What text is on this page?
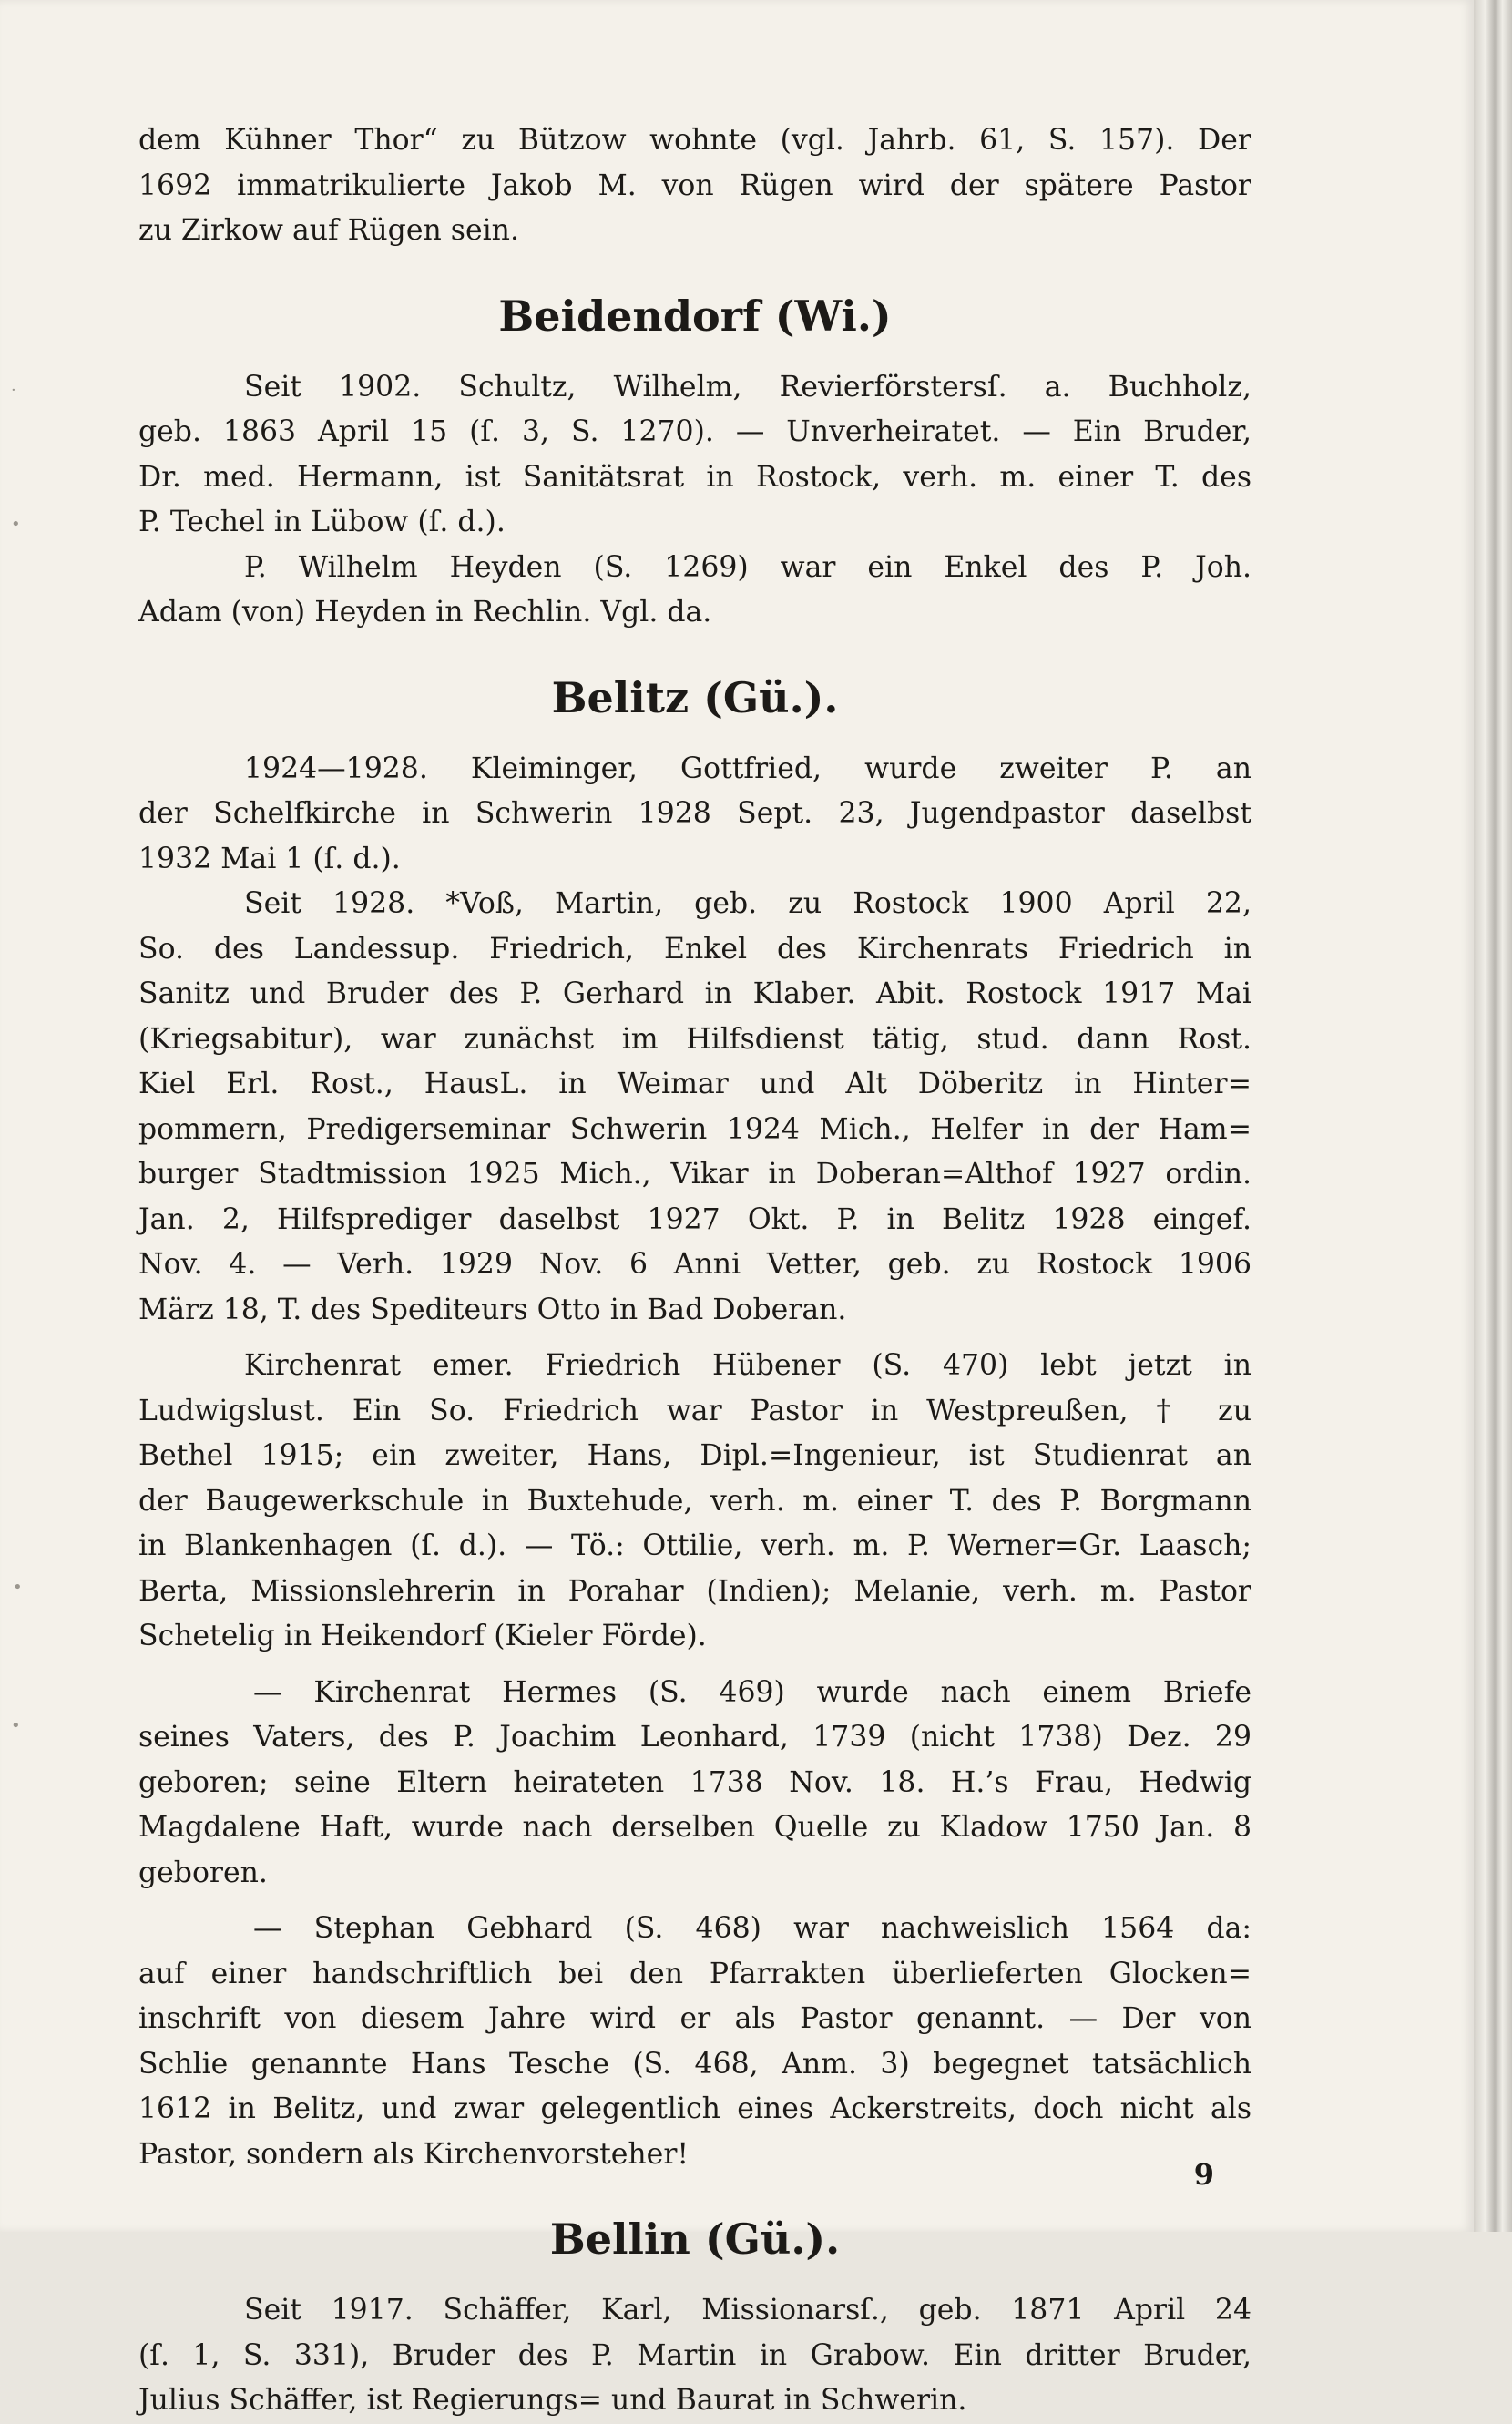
dem Kühner Thor“ zu Bützow wohnte (vgl. Jahrb. 61, S. 157). Der
1692 immatrikulierte Jakob M. von Rügen wird der spätere Pastor
zu Zirkow auf Rügen sein.
Beidendorf (Wi.)
Seit 1902. Schultz, Wilhelm, Revierförstersſ. a. Buchholz,
geb. 1863 April 15 (ſ. 3, S. 1270). — Unverheiratet. — Ein Bruder,
Dr. med. Hermann, ist Sanitätsrat in Rostock, verh. m. einer T. des
P. Techel in Lübow (ſ. d.).
P. Wilhelm Heyden (S. 1269) war ein Enkel des P. Joh.
Adam (von) Heyden in Rechlin. Vgl. da.
Belitz (Gü.).
1924—1928. Kleiminger, Gottfried, wurde zweiter P. an
der Schelfkirche in Schwerin 1928 Sept. 23, Jugendpastor daselbst
1932 Mai 1 (ſ. d.).
Seit 1928. *Voß, Martin, geb. zu Rostock 1900 April 22,
So. des Landessup. Friedrich, Enkel des Kirchenrats Friedrich in
Sanitz und Bruder des P. Gerhard in Klaber. Abit. Rostock 1917 Mai
(Kriegsabitur), war zunächst im Hilfsdienst tätig, stud. dann Rost.
Kiel Erl. Rost., HausL. in Weimar und Alt Döberitz in Hinter=
pommern, Predigerseminar Schwerin 1924 Mich., Helfer in der Ham=
burger Stadtmission 1925 Mich., Vikar in Doberan=Althof 1927 ordin.
Jan. 2, Hilfsprediger daselbst 1927 Okt. P. in Belitz 1928 eingef.
Nov. 4. — Verh. 1929 Nov. 6 Anni Vetter, geb. zu Rostock 1906
März 18, T. des Spediteurs Otto in Bad Doberan.
Kirchenrat emer. Friedrich Hübener (S. 470) lebt jetzt in
Ludwigslust. Ein So. Friedrich war Pastor in Westpreußen, † zu
Bethel 1915; ein zweiter, Hans, Dipl.=Ingenieur, ist Studienrat an
der Baugewerkschule in Buxtehude, verh. m. einer T. des P. Borgmann
in Blankenhagen (ſ. d.). — Tö.: Ottilie, verh. m. P. Werner=Gr. Laasch;
Berta, Missionslehrerin in Porahar (Indien); Melanie, verh. m. Pastor
Schetelig in Heikendorf (Kieler Förde).
— Kirchenrat Hermes (S. 469) wurde nach einem Briefe
seines Vaters, des P. Joachim Leonhard, 1739 (nicht 1738) Dez. 29
geboren; seine Eltern heirateten 1738 Nov. 18. H.’s Frau, Hedwig
Magdalene Haft, wurde nach derselben Quelle zu Kladow 1750 Jan. 8
geboren.
— Stephan Gebhard (S. 468) war nachweislich 1564 da:
auf einer handschriftlich bei den Pfarrakten überlieferten Glocken=
inschrift von diesem Jahre wird er als Pastor genannt. — Der von
Schlie genannte Hans Tesche (S. 468, Anm. 3) begegnet tatsächlich
1612 in Belitz, und zwar gelegentlich eines Ackerstreits, doch nicht als
Pastor, sondern als Kirchenvorsteher!
Bellin (Gü.).
Seit 1917. Schäffer, Karl, Missionarsſ., geb. 1871 April 24
(ſ. 1, S. 331), Bruder des P. Martin in Grabow. Ein dritter Bruder,
Julius Schäffer, ist Regierungs= und Baurat in Schwerin.
9
·
•
•
•
